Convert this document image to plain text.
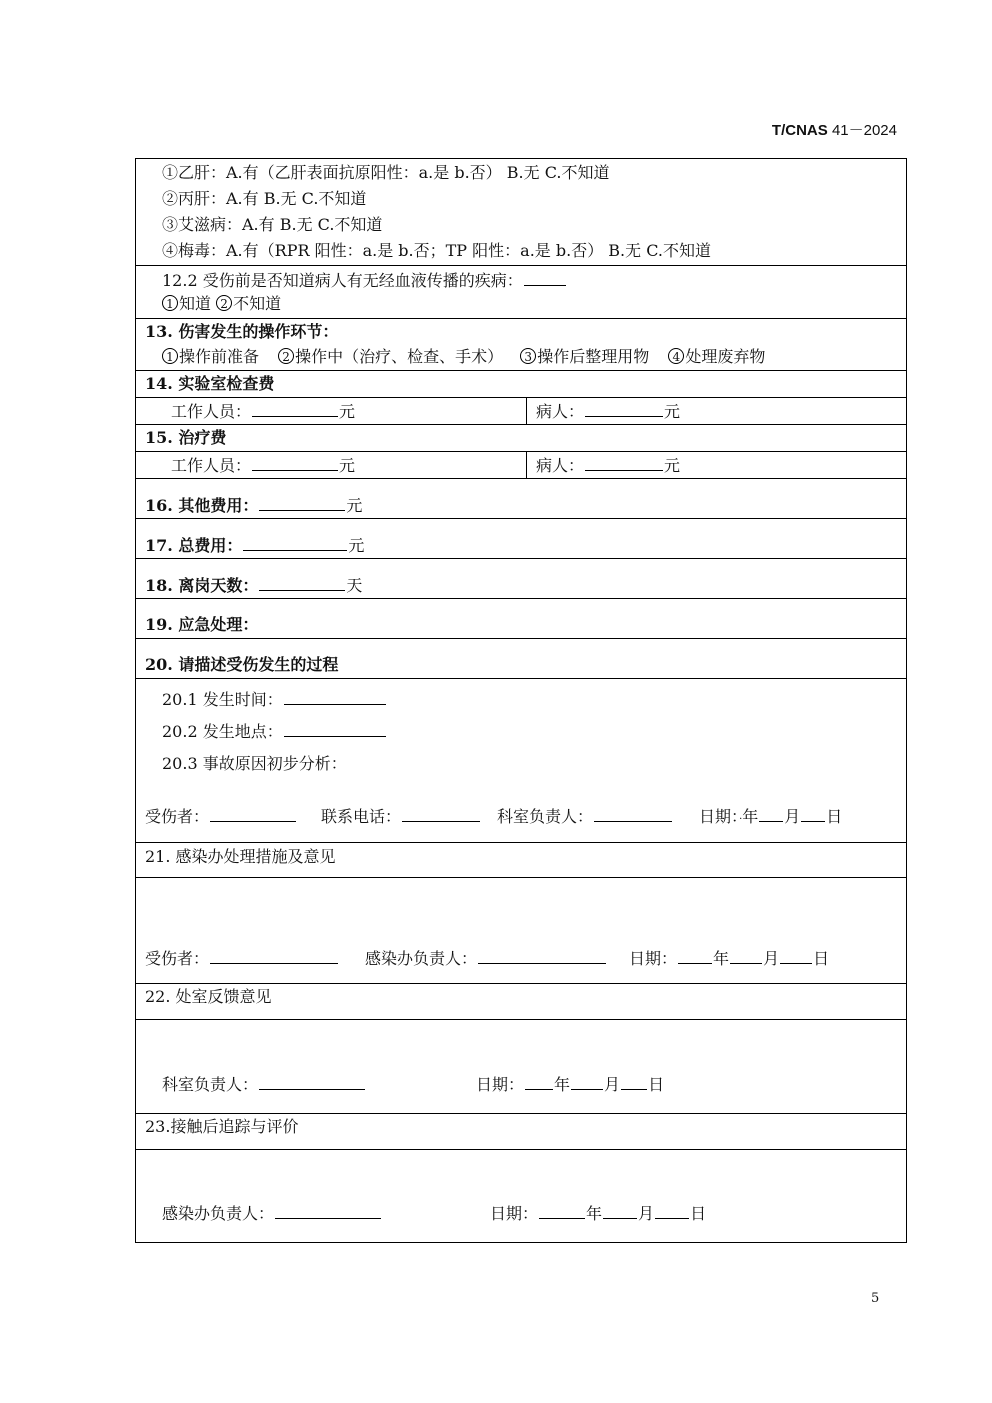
T/CNAS 41－2024
①乙肝：A.有（乙肝表面抗原阳性：a.是 b.否） B.无 C.不知道
②丙肝：A.有 B.无 C.不知道
③艾滋病：A.有 B.无 C.不知道
④梅毒：A.有（RPR 阳性：a.是 b.否；TP 阳性：a.是 b.否） B.无 C.不知道
12.2 受伤前是否知道病人有无经血液传播的疾病：
1 知道 2 不知道
13. 伤害发生的操作环节：
1 操作前准备 2 操作中（治疗、检查、手术） 3 操作后整理用物 4 处理废弃物
14. 实验室检查费
工作人员：	元	病人：	元
15. 治疗费
工作人员：	元	病人：	元
16. 其他费用：	元
17. 总费用：	元
18. 离岗天数：	天
19. 应急处理：
20. 请描述受伤发生的过程
20.1 发生时间：
20.2 发生地点：
20.3 事故原因初步分析：
受伤者：	联系电话：	科室负责人：	日期：·年 月 日
21. 感染办处理措施及意见
受伤者：	感染办负责人：	日期： 年 月 日
22. 处室反馈意见
科室负责人：	日期： 年 月 日
23.接触后追踪与评价
感染办负责人：	日期：	年 月 日
5
